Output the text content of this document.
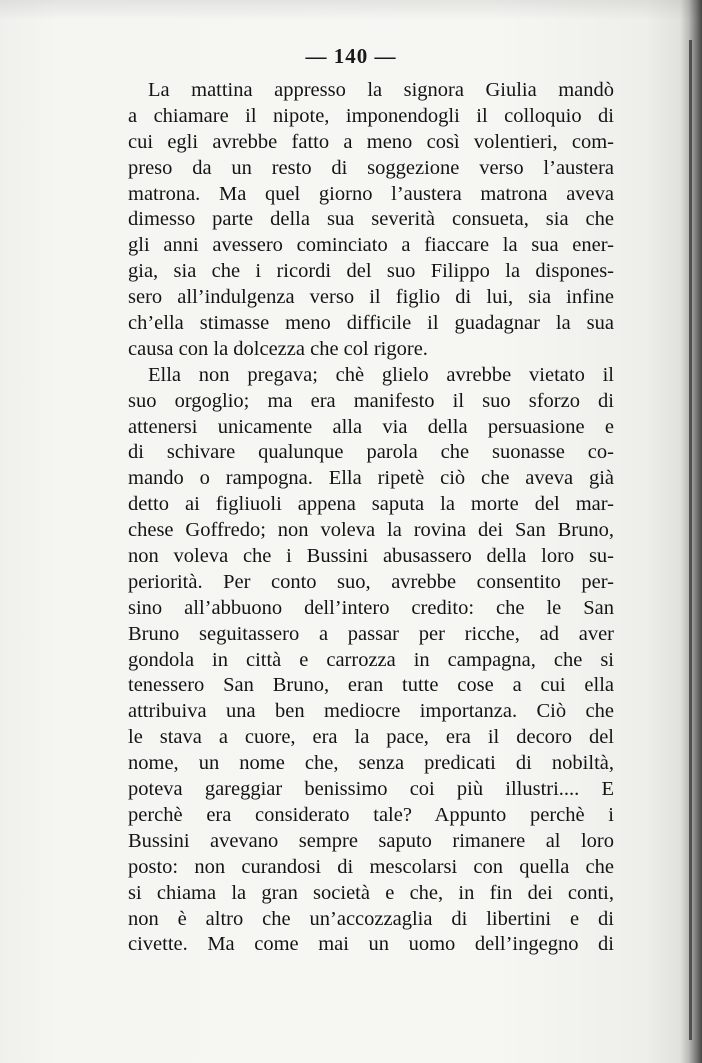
— 140 —
La mattina appresso la signora Giulia mandò
a chiamare il nipote, imponendogli il colloquio di
cui egli avrebbe fatto a meno così volentieri, com-
preso da un resto di soggezione verso l’austera
matrona. Ma quel giorno l’austera matrona aveva
dimesso parte della sua severità consueta, sia che
gli anni avessero cominciato a fiaccare la sua ener-
gia, sia che i ricordi del suo Filippo la dispones-
sero all’indulgenza verso il figlio di lui, sia infine
ch’ella stimasse meno difficile il guadagnar la sua
causa con la dolcezza che col rigore.
Ella non pregava; chè glielo avrebbe vietato il
suo orgoglio; ma era manifesto il suo sforzo di
attenersi unicamente alla via della persuasione e
di schivare qualunque parola che suonasse co-
mando o rampogna. Ella ripetè ciò che aveva già
detto ai figliuoli appena saputa la morte del mar-
chese Goffredo; non voleva la rovina dei San Bruno,
non voleva che i Bussini abusassero della loro su-
periorità. Per conto suo, avrebbe consentito per-
sino all’abbuono dell’intero credito: che le San
Bruno seguitassero a passar per ricche, ad aver
gondola in città e carrozza in campagna, che si
tenessero San Bruno, eran tutte cose a cui ella
attribuiva una ben mediocre importanza. Ciò che
le stava a cuore, era la pace, era il decoro del
nome, un nome che, senza predicati di nobiltà,
poteva gareggiar benissimo coi più illustri.... E
perchè era considerato tale? Appunto perchè i
Bussini avevano sempre saputo rimanere al loro
posto: non curandosi di mescolarsi con quella che
si chiama la gran società e che, in fin dei conti,
non è altro che un’accozzaglia di libertini e di
civette. Ma come mai un uomo dell’ingegno di
